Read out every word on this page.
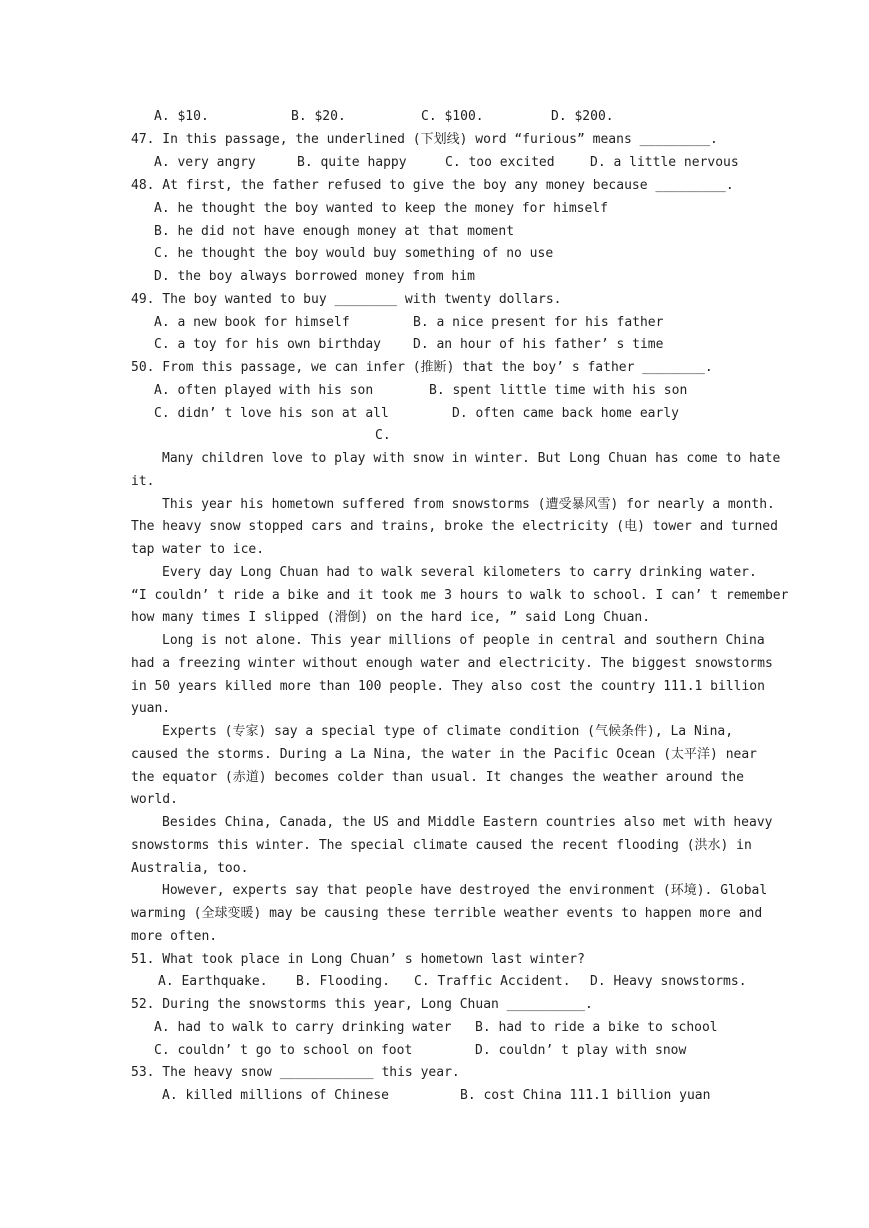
A. $10.	B. $20.	C. $100.	D. $200.
47. In this passage, the underlined (下划线) word “furious” means _________.
A. very angry	B. quite happy	C. too excited	D. a little nervous
48. At first, the father refused to give the boy any money because _________.
A. he thought the boy wanted to keep the money for himself
B. he did not have enough money at that moment
C. he thought the boy would buy something of no use
D. the boy always borrowed money from him
49. The boy wanted to buy ________ with twenty dollars.
A. a new book for himself	B. a nice present for his father
C. a toy for his own birthday D. an hour of his father’ s time
50. From this passage, we can infer (推断) that the boy’ s father ________.
A. often played with his son	B. spent little time with his son
C. didn’ t love his son at all	D. often came back home early
C.
Many children love to play with snow in winter. But Long Chuan has come to hate
it.
This year his hometown suffered from snowstorms (遭受暴风雪) for nearly a month.
The heavy snow stopped cars and trains, broke the electricity (电) tower and turned
tap water to ice.
Every day Long Chuan had to walk several kilometers to carry drinking water.
“I couldn’ t ride a bike and it took me 3 hours to walk to school. I can’ t remember
how many times I slipped (滑倒) on the hard ice, ” said Long Chuan.
Long is not alone. This year millions of people in central and southern China
had a freezing winter without enough water and electricity. The biggest snowstorms
in 50 years killed more than 100 people. They also cost the country 111.1 billion
yuan.
Experts (专家) say a special type of climate condition (气候条件), La Nina,
caused the storms. During a La Nina, the water in the Pacific Ocean (太平洋) near
the equator (赤道) becomes colder than usual. It changes the weather around the
world.
Besides China, Canada, the US and Middle Eastern countries also met with heavy
snowstorms this winter. The special climate caused the recent flooding (洪水) in
Australia, too.
However, experts say that people have destroyed the environment (环境). Global
warming (全球变暖) may be causing these terrible weather events to happen more and
more often.
51. What took place in Long Chuan’ s hometown last winter?
A. Earthquake. B. Flooding. C. Traffic Accident. D. Heavy snowstorms.
52. During the snowstorms this year, Long Chuan __________.
A. had to walk to carry drinking water B. had to ride a bike to school
C. couldn’ t go to school on foot	D. couldn’ t play with snow
53. The heavy snow ____________ this year.
A. killed millions of Chinese	B. cost China 111.1 billion yuan
